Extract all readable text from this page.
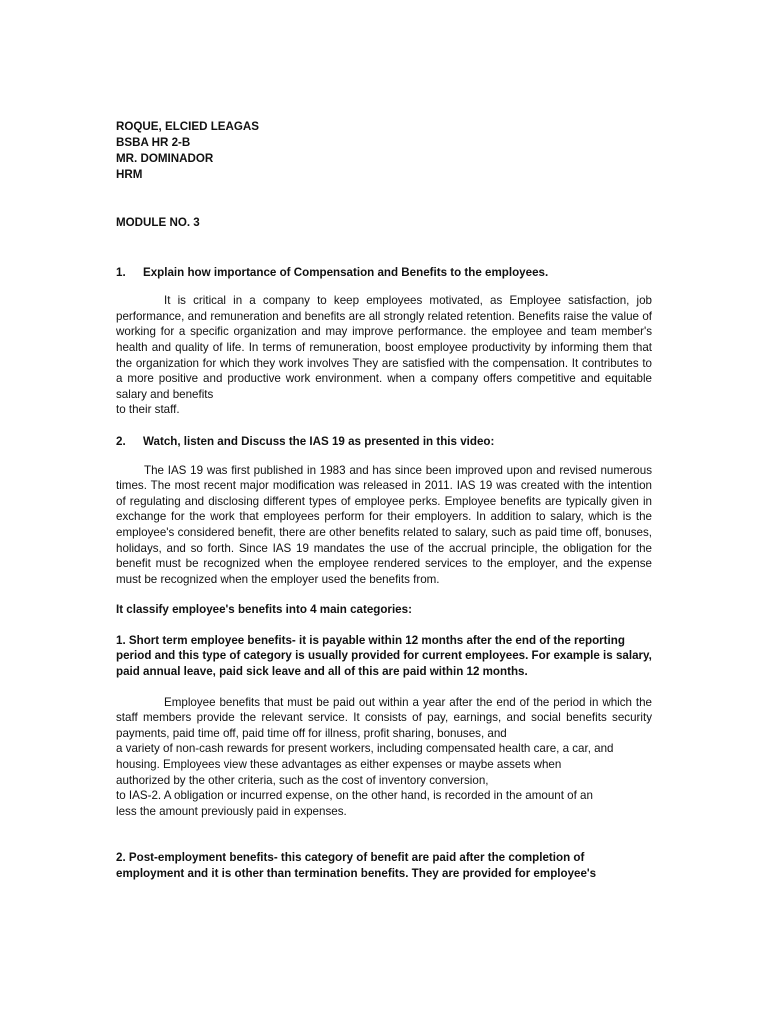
ROQUE, ELCIED LEAGAS
BSBA HR 2-B
MR. DOMINADOR
HRM
MODULE NO. 3
1.	Explain how importance of Compensation and Benefits to the employees.

It is critical in a company to keep employees motivated, as Employee satisfaction, job performance, and remuneration and benefits are all strongly related retention. Benefits raise the value of working for a specific organization and may improve performance. the employee and team member's health and quality of life. In terms of remuneration, boost employee productivity by informing them that the organization for which they work involves They are satisfied with the compensation. It contributes to a more positive and productive work environment. when a company offers competitive and equitable salary and benefits

to their staff.

2.	Watch, listen and Discuss the IAS 19 as presented in this video:

The IAS 19 was first published in 1983 and has since been improved upon and revised numerous times. The most recent major modification was released in 2011. IAS 19 was created with the intention of regulating and disclosing different types of employee perks. Employee benefits are typically given in exchange for the work that employees perform for their employers. In addition to salary, which is the employee's considered benefit, there are other benefits related to salary, such as paid time off, bonuses, holidays, and so forth. Since IAS 19 mandates the use of the accrual principle, the obligation for the benefit must be recognized when the employee rendered services to the employer, and the expense must be recognized when the employer used the benefits from.

It classify employee's benefits into 4 main categories:

1. Short term employee benefits- it is payable within 12 months after the end of the reporting period and this type of category is usually provided for current employees. For example is salary, paid annual leave, paid sick leave and all of this are paid within 12 months.

Employee benefits that must be paid out within a year after the end of the period in which the staff members provide the relevant service. It consists of pay, earnings, and social benefits security payments, paid time off, paid time off for illness, profit sharing, bonuses, and

a variety of non-cash rewards for present workers, including compensated health care, a car, and

housing. Employees view these advantages as either expenses or maybe assets when

authorized by the other criteria, such as the cost of inventory conversion,

to IAS-2. A obligation or incurred expense, on the other hand, is recorded in the amount of an

less the amount previously paid in expenses.

2. Post-employment benefits- this category of benefit are paid after the completion of employment and it is other than termination benefits. They are provided for employee's
